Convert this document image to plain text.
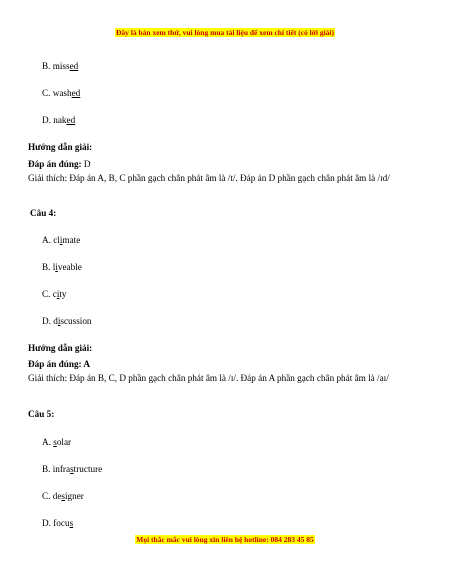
Đây là bản xem thử, vui lòng mua tài liệu để xem chi tiết (có lời giải)
B. missed
C. washed
D. naked
Hướng dẫn giải:
Đáp án đúng: D
Giải thích: Đáp án A, B, C phần gạch chân phát âm là /t/. Đáp án D phần gạch chân phát âm là /ɪd/
Câu 4:
A. climate
B. liveable
C. city
D. discussion
Hướng dẫn giải:
Đáp án đúng: A
Giải thích: Đáp án B, C, D phần gạch chân phát âm là /ɪ/. Đáp án A phần gạch chân phát âm là /aɪ/
Câu 5:
A. solar
B. infrastructure
C. designer
D. focus
Mọi thắc mắc vui lòng xin liên hệ hotline: 084 283 45 85
